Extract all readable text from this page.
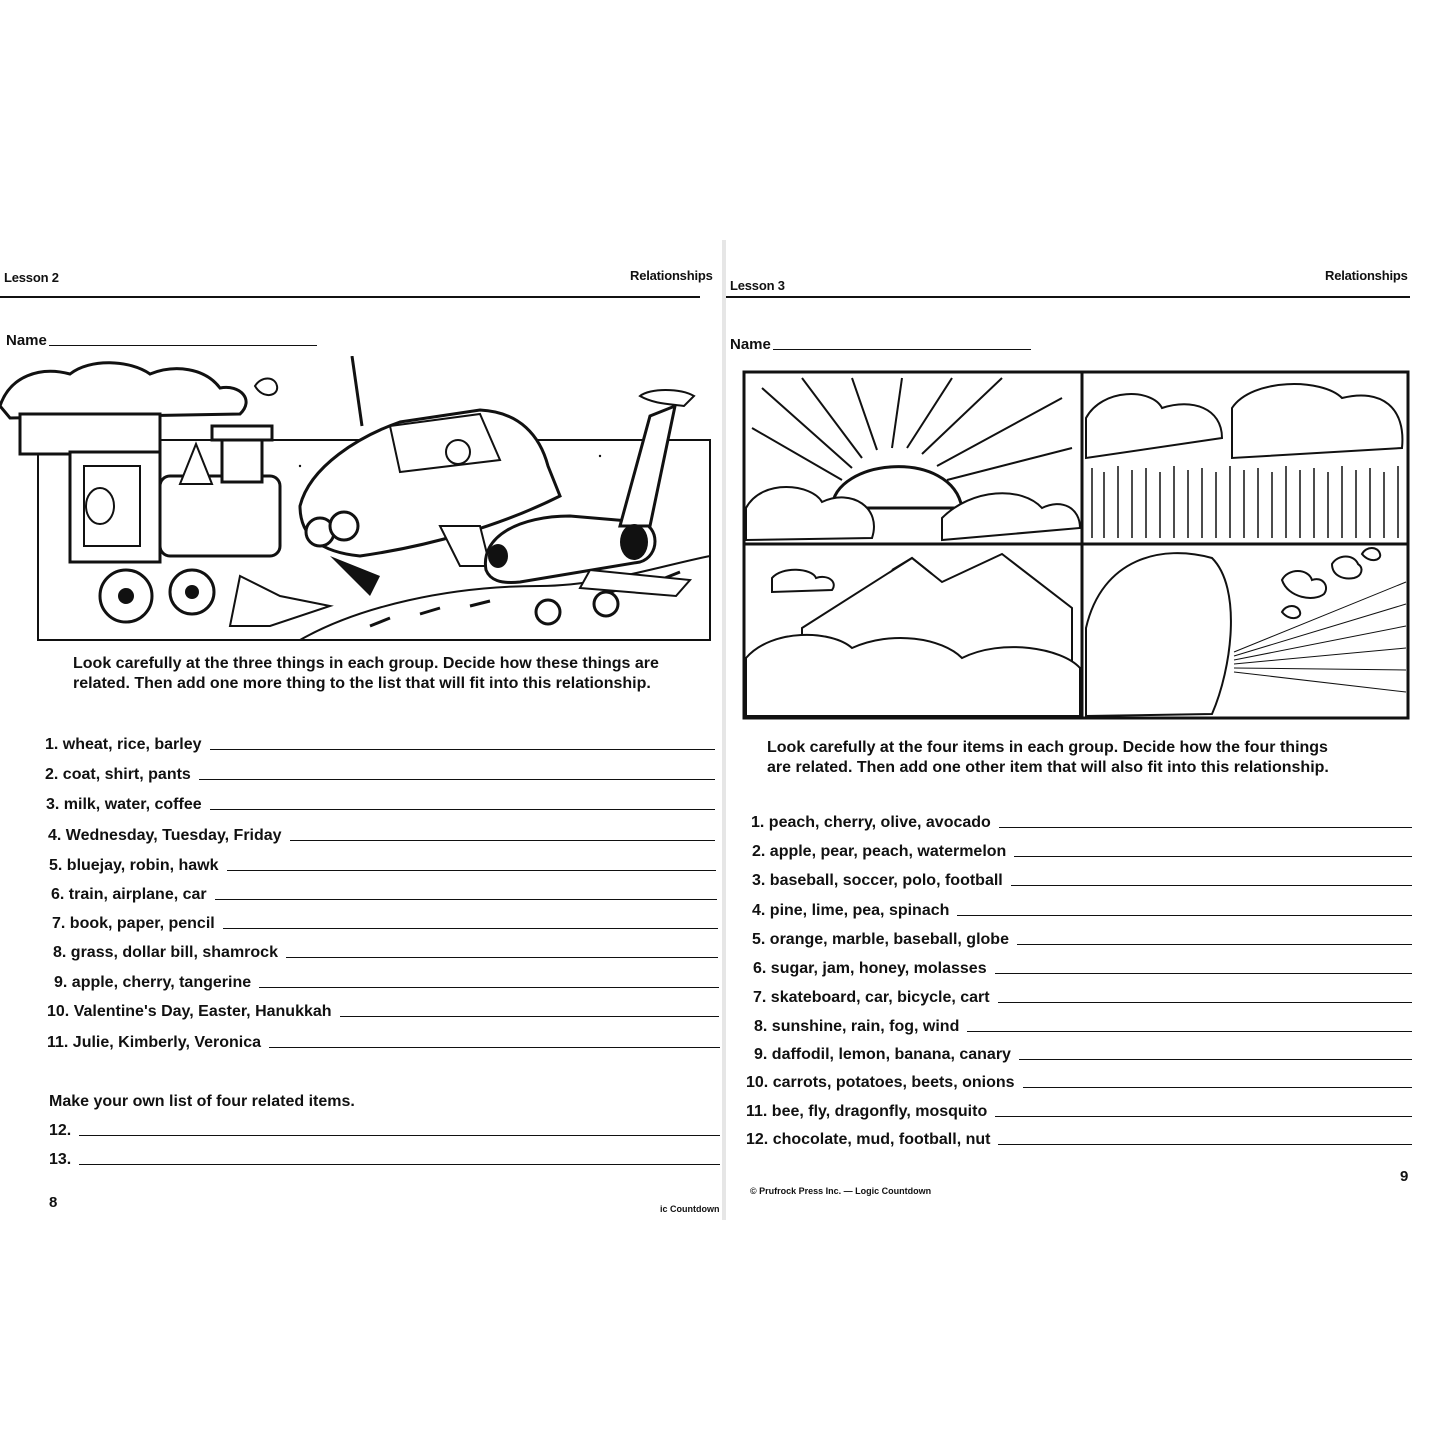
Lesson 2	Relationships
Name
Look carefully at the three things in each group. Decide how these things are related. Then add one more thing to the list that will fit into this relationship.
1. wheat, rice, barley
2. coat, shirt, pants
3. milk, water, coffee
4. Wednesday, Tuesday, Friday
5. bluejay, robin, hawk
6. train, airplane, car
7. book, paper, pencil
8. grass, dollar bill, shamrock
9. apple, cherry, tangerine
10. Valentine's Day, Easter, Hanukkah
11. Julie, Kimberly, Veronica
Make your own list of four related items.
12.
13.
8	ic Countdown
Lesson 3
Relationships
Name
Look carefully at the four items in each group. Decide how the four things are related. Then add one other item that will also fit into this relationship.
1. peach, cherry, olive, avocado
2. apple, pear, peach, watermelon
3. baseball, soccer, polo, football
4. pine, lime, pea, spinach
5. orange, marble, baseball, globe
6. sugar, jam, honey, molasses
7. skateboard, car, bicycle, cart
8. sunshine, rain, fog, wind
9. daffodil, lemon, banana, canary
10. carrots, potatoes, beets, onions
11. bee, fly, dragonfly, mosquito
12. chocolate, mud, football, nut
© Prufrock Press Inc. — Logic Countdown
9
